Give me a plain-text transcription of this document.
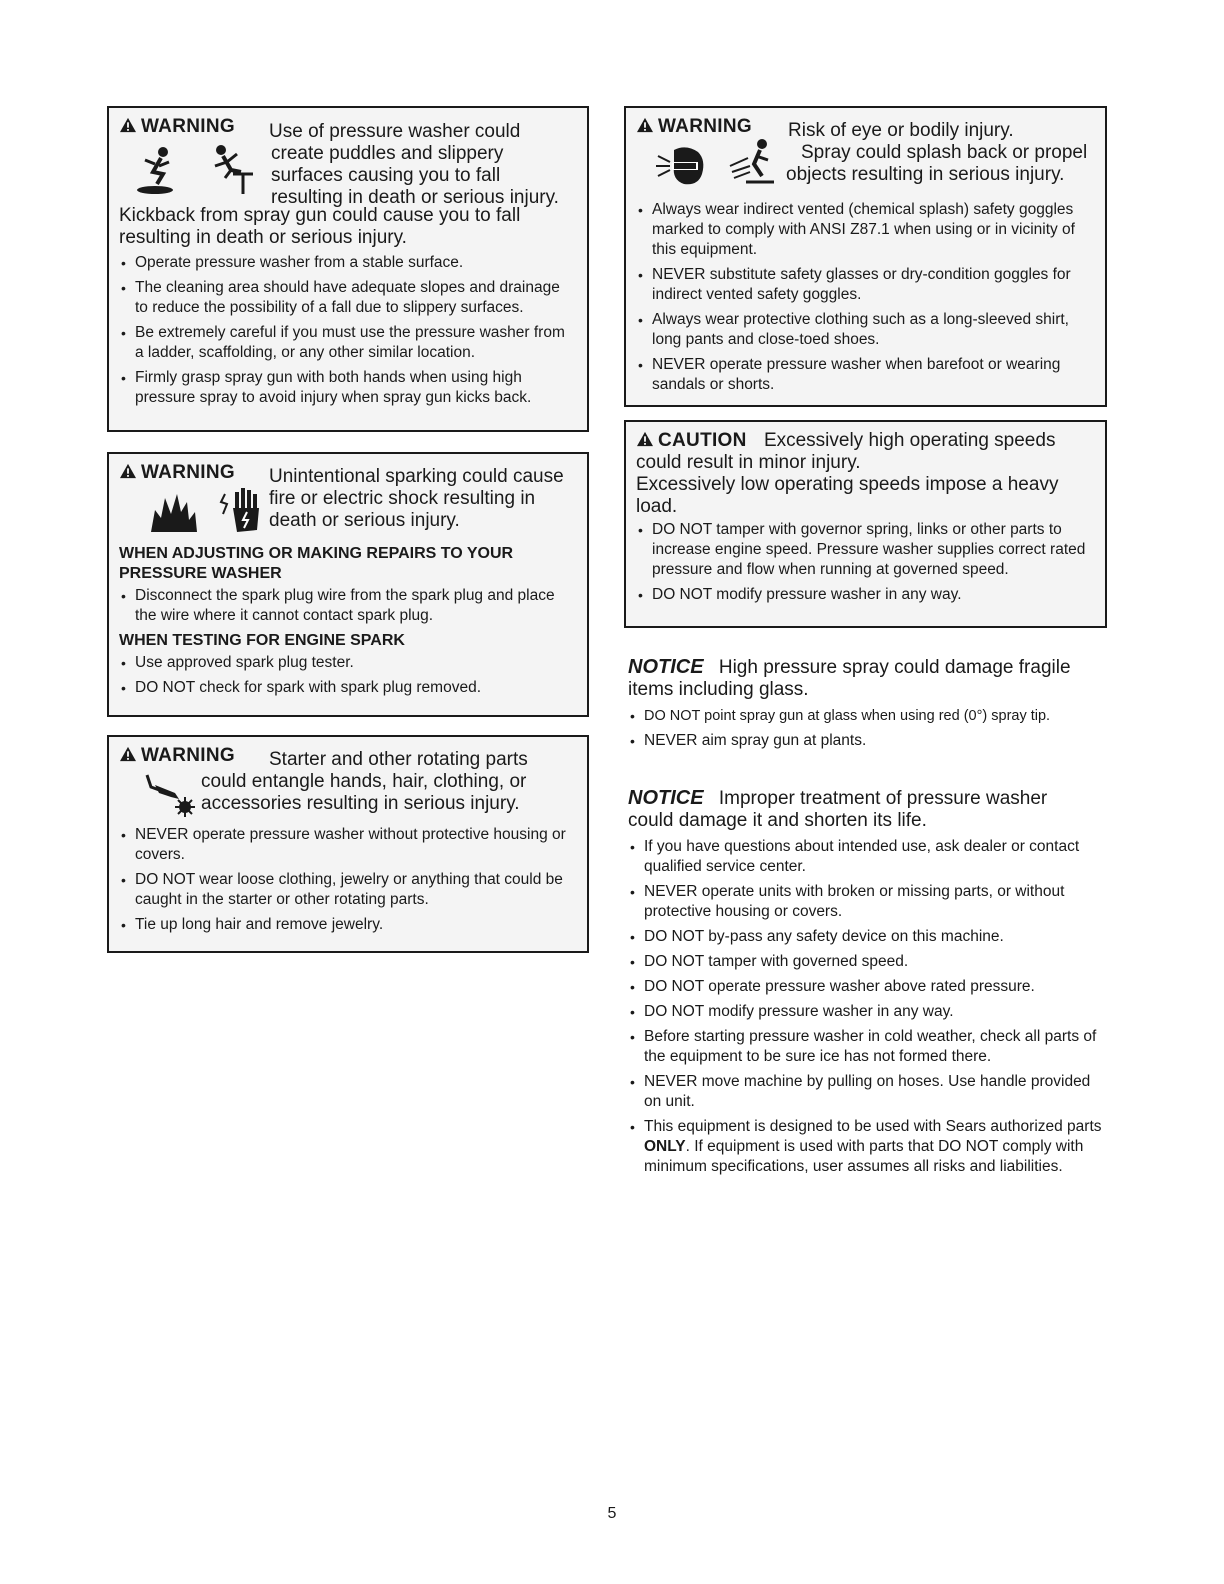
WARNING	Use of pressure washer could
create puddles and slippery
surfaces causing you to fall
resulting in death or serious injury.
Kickback from spray gun could cause you to fall
resulting in death or serious injury.
• Operate pressure washer from a stable surface.
• The cleaning area should have adequate slopes and drainage to reduce the possibility of a fall due to slippery surfaces.
• Be extremely careful if you must use the pressure washer from a ladder, scaffolding, or any other similar location.
• Firmly grasp spray gun with both hands when using high pressure spray to avoid injury when spray gun kicks back.
WARNING Unintentional sparking could cause
fire or electric shock resulting in
death or serious injury.
WHEN ADJUSTING OR MAKING REPAIRS TO YOUR PRESSURE WASHER
• Disconnect the spark plug wire from the spark plug and place the wire where it cannot contact spark plug.
WHEN TESTING FOR ENGINE SPARK
• Use approved spark plug tester.
• DO NOT check for spark with spark plug removed.
WARNING Starter and other rotating parts
could entangle hands, hair, clothing, or
accessories resulting in serious injury.
• NEVER operate pressure washer without protective housing or covers.
• DO NOT wear loose clothing, jewelry or anything that could be caught in the starter or other rotating parts.
• Tie up long hair and remove jewelry.
WARNING Risk of eye or bodily injury.
Spray could splash back or propel
objects resulting in serious injury.
• Always wear indirect vented (chemical splash) safety goggles marked to comply with ANSI Z87.1 when using or in vicinity of this equipment.
• NEVER substitute safety glasses or dry-condition goggles for indirect vented safety goggles.
• Always wear protective clothing such as a long-sleeved shirt, long pants and close-toed shoes.
• NEVER operate pressure washer when barefoot or wearing sandals or shorts.
CAUTION Excessively high operating speeds
could result in minor injury.
Excessively low operating speeds impose a heavy
load.
• DO NOT tamper with governor spring, links or other parts to increase engine speed. Pressure washer supplies correct rated pressure and flow when running at governed speed.
• DO NOT modify pressure washer in any way.
NOTICE High pressure spray could damage fragile
items including glass.
• DO NOT point spray gun at glass when using red (0°) spray tip.
• NEVER aim spray gun at plants.
NOTICE Improper treatment of pressure washer
could damage it and shorten its life.
• If you have questions about intended use, ask dealer or contact qualified service center.
• NEVER operate units with broken or missing parts, or without protective housing or covers.
• DO NOT by-pass any safety device on this machine.
• DO NOT tamper with governed speed.
• DO NOT operate pressure washer above rated pressure.
• DO NOT modify pressure washer in any way.
• Before starting pressure washer in cold weather, check all parts of the equipment to be sure ice has not formed there.
• NEVER move machine by pulling on hoses. Use handle provided on unit.
• This equipment is designed to be used with Sears authorized parts ONLY. If equipment is used with parts that DO NOT comply with minimum specifications, user assumes all risks and liabilities.
5
